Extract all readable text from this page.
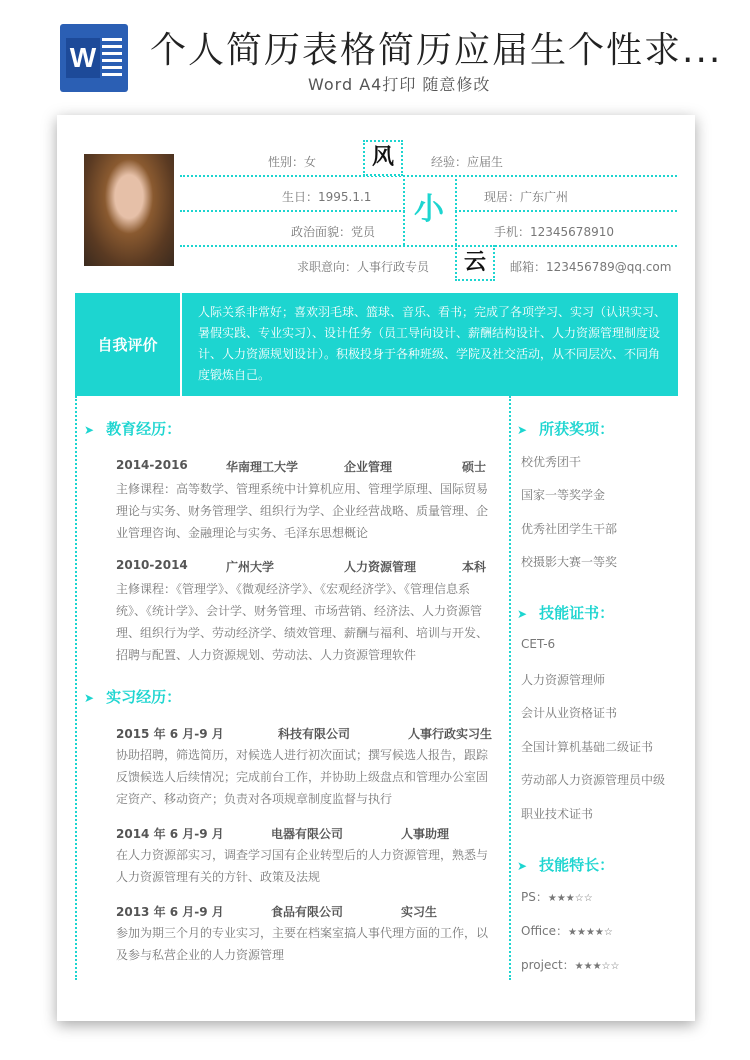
W 个人简历表格简历应届生个性求...
Word A4打印 随意修改
风
小
云
性别：女	经验：应届生
生日：1995.1.1	现居：广东广州
政治面貌：党员	手机：12345678910
求职意向：人事行政专员	邮箱：123456789@qq.com
自我评价
人际关系非常好；喜欢羽毛球、篮球、音乐、看书；完成了各项学习、实习（认识实习、暑假实践、专业实习）、设计任务（员工导向设计、薪酬结构设计、人力资源管理制度设计、人力资源规划设计）。积极投身于各种班级、学院及社交活动，从不同层次、不同角度锻炼自己。
➤ 教育经历：
2014-2016	华南理工大学	企业管理	硕士
主修课程：高等数学、管理系统中计算机应用、管理学原理、国际贸易理论与实务、财务管理学、组织行为学、企业经营战略、质量管理、企业管理咨询、金融理论与实务、毛泽东思想概论
2010-2014	广州大学	人力资源管理	本科
主修课程：《管理学》、《微观经济学》、《宏观经济学》、《管理信息系统》、《统计学》、会计学、财务管理、市场营销、经济法、人力资源管理、组织行为学、劳动经济学、绩效管理、薪酬与福利、培训与开发、招聘与配置、人力资源规划、劳动法、人力资源管理软件
➤ 实习经历：
2015 年 6 月-9 月	科技有限公司	人事行政实习生
协助招聘，筛选简历，对候选人进行初次面试；撰写候选人报告，跟踪反馈候选人后续情况；完成前台工作，并协助上级盘点和管理办公室固定资产、移动资产；负责对各项规章制度监督与执行
2014 年 6 月-9 月	电器有限公司	人事助理
在人力资源部实习，调查学习国有企业转型后的人力资源管理，熟悉与人力资源管理有关的方针、政策及法规
2013 年 6 月-9 月	食品有限公司	实习生
参加为期三个月的专业实习，主要在档案室搞人事代理方面的工作，以及参与私营企业的人力资源管理
➤ 所获奖项：
校优秀团干
国家一等奖学金
优秀社团学生干部
校摄影大赛一等奖
➤ 技能证书：
CET-6
人力资源管理师
会计从业资格证书
全国计算机基础二级证书
劳动部人力资源管理员中级
职业技术证书
➤ 技能特长：
PS：★★★☆☆
Office：★★★★☆
project：★★★☆☆
